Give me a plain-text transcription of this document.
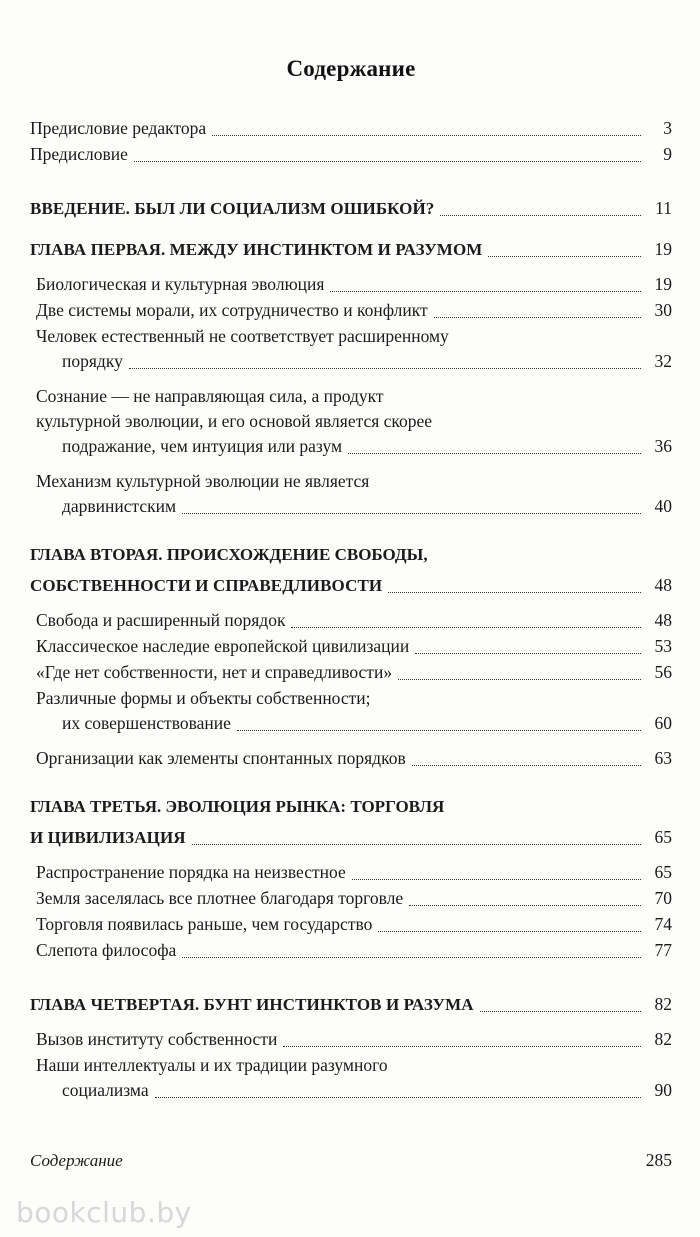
Содержание
Предисловие редактора	3
Предисловие	9
ВВЕДЕНИЕ. БЫЛ ЛИ СОЦИАЛИЗМ ОШИБКОЙ?	11
ГЛАВА ПЕРВАЯ. МЕЖДУ ИНСТИНКТОМ И РАЗУМОМ	19
Биологическая и культурная эволюция	19
Две системы морали, их сотрудничество и конфликт	30
Человек естественный не соответствует расширенному
порядку	32
Сознание — не направляющая сила, а продукт
культурной эволюции, и его основой является скорее
подражание, чем интуиция или разум	36
Механизм культурной эволюции не является
дарвинистским	40
ГЛАВА ВТОРАЯ. ПРОИСХОЖДЕНИЕ СВОБОДЫ,
СОБСТВЕННОСТИ И СПРАВЕДЛИВОСТИ	48
Свобода и расширенный порядок	48
Классическое наследие европейской цивилизации	53
«Где нет собственности, нет и справедливости»	56
Различные формы и объекты собственности;
их совершенствование	60
Организации как элементы спонтанных порядков	63
ГЛАВА ТРЕТЬЯ. ЭВОЛЮЦИЯ РЫНКА: ТОРГОВЛЯ
И ЦИВИЛИЗАЦИЯ	65
Распространение порядка на неизвестное	65
Земля заселялась все плотнее благодаря торговле	70
Торговля появилась раньше, чем государство	74
Слепота философа	77
ГЛАВА ЧЕТВЕРТАЯ. БУНТ ИНСТИНКТОВ И РАЗУМА	82
Вызов институту собственности	82
Наши интеллектуалы и их традиции разумного
социализма	90
Содержание	285
bookclub.by
